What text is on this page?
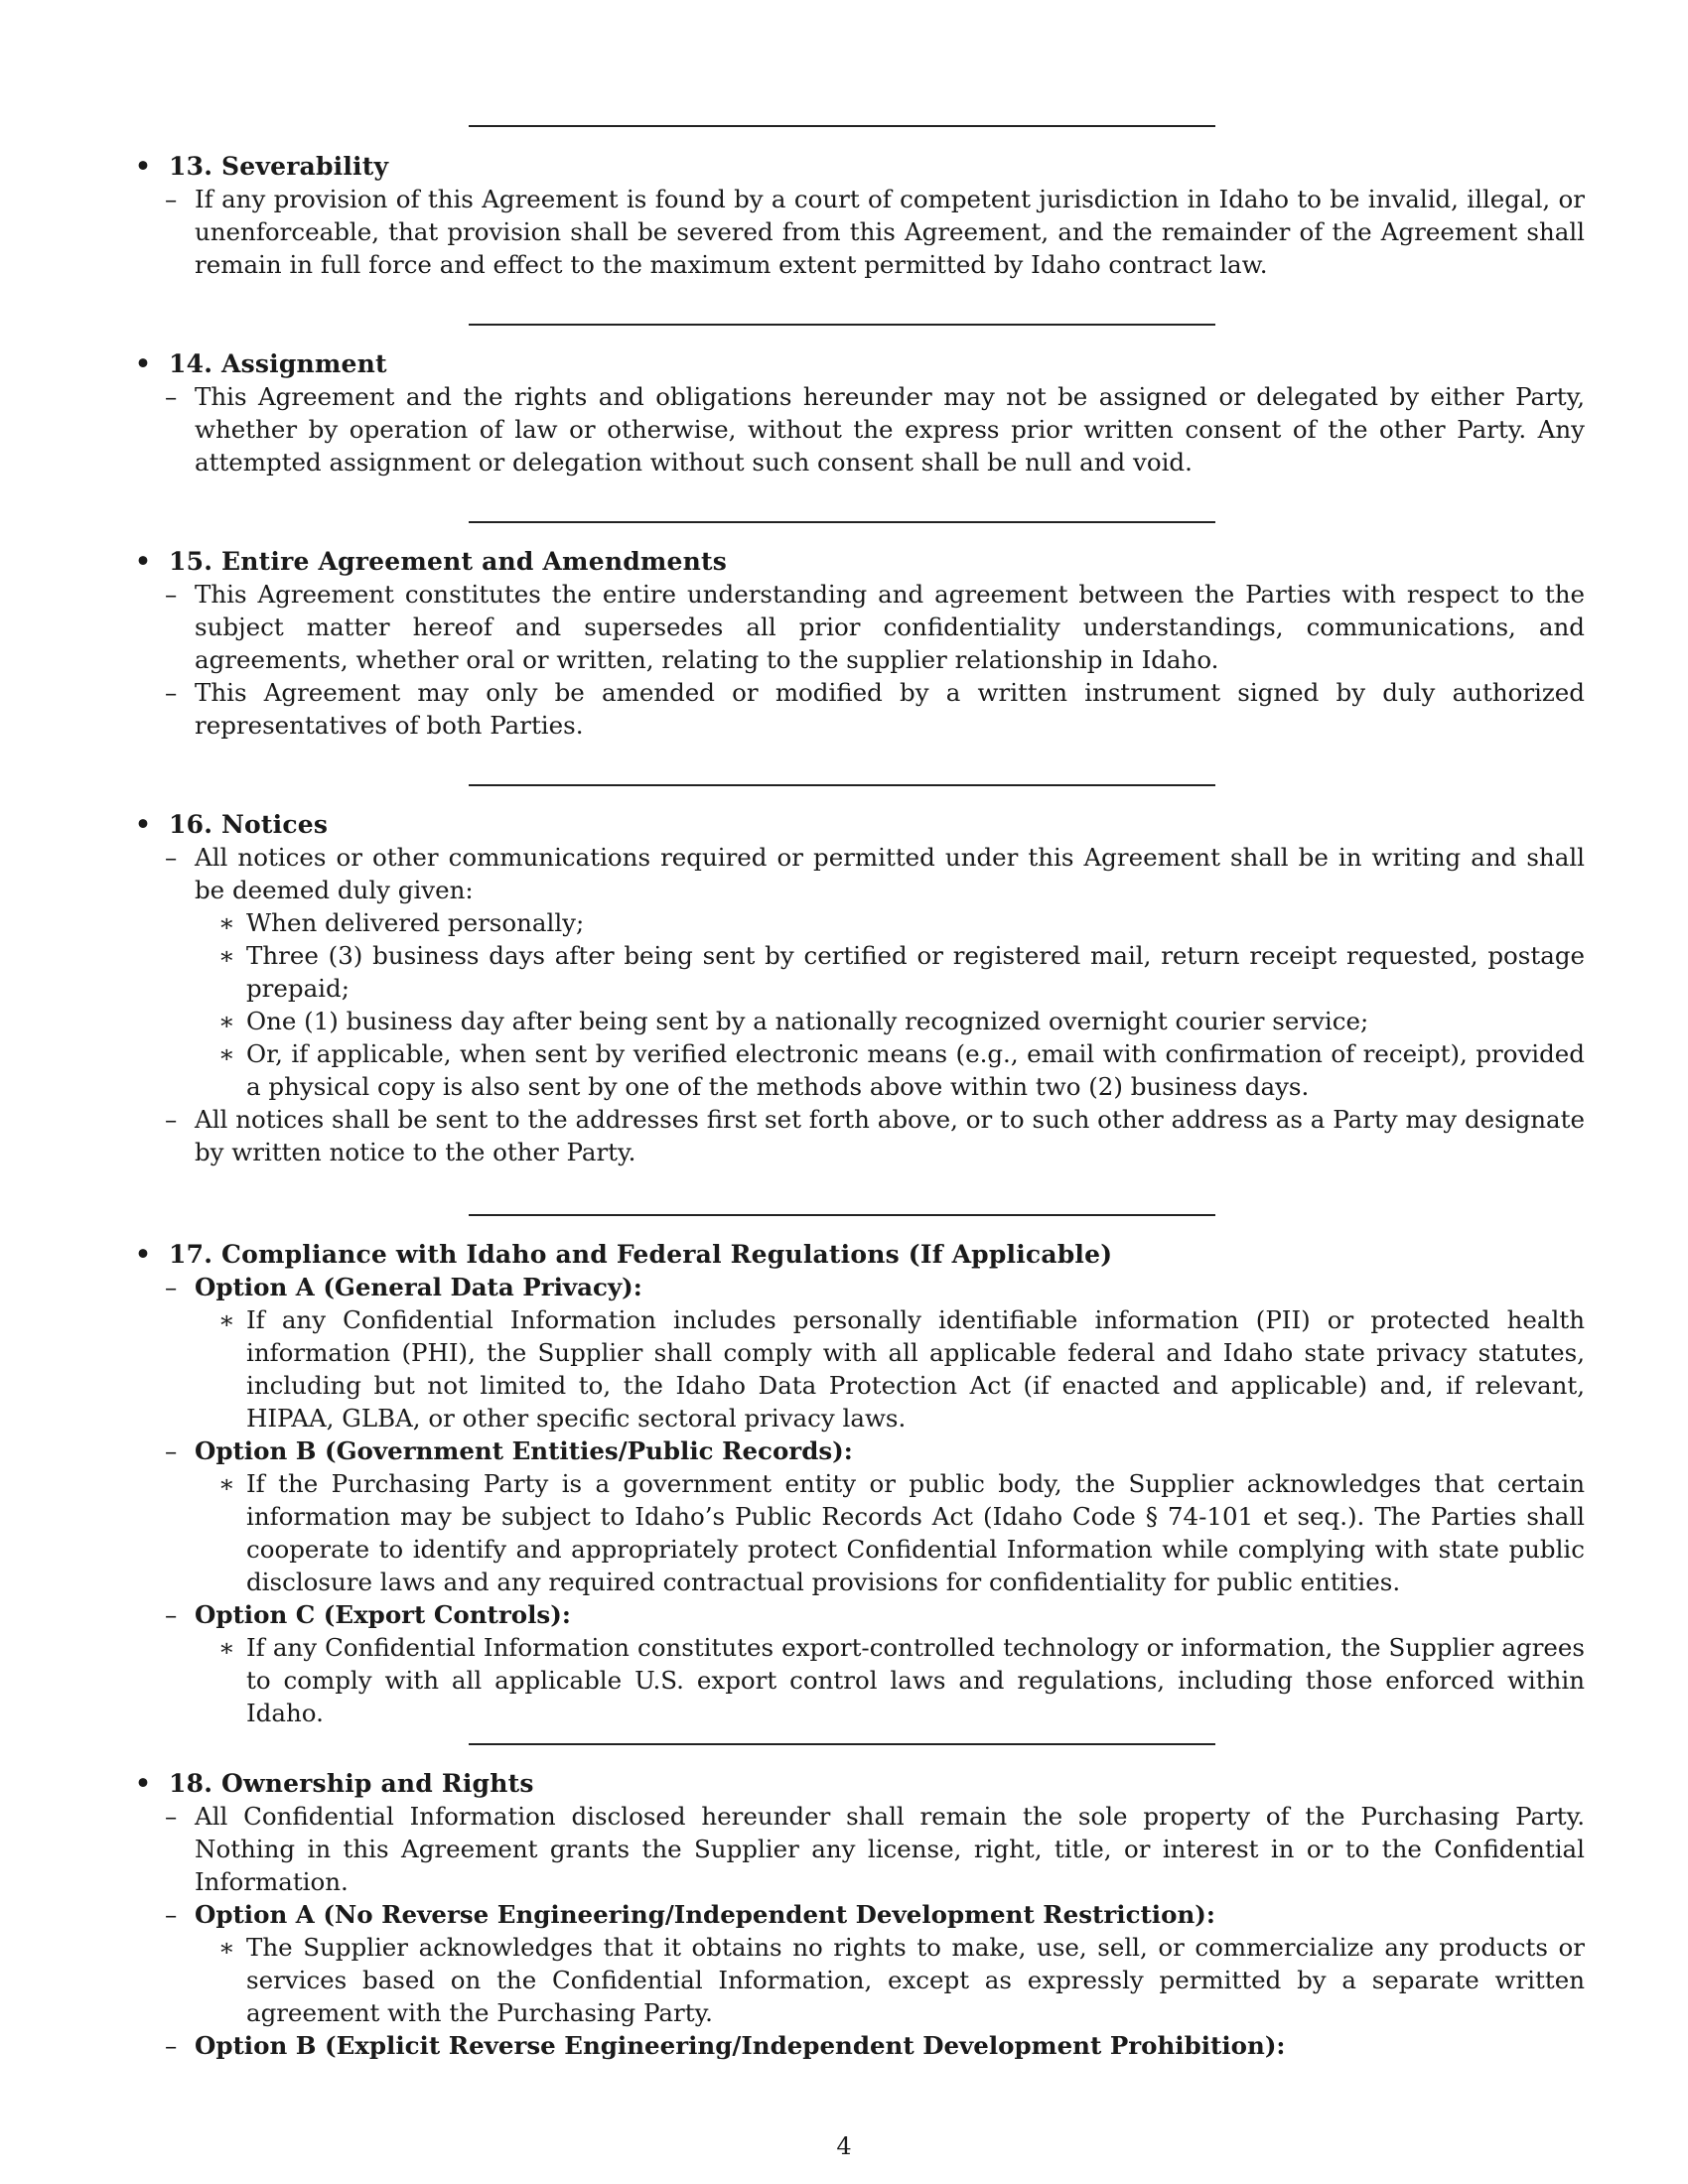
• 13. Severability
– If any provision of this Agreement is found by a court of competent jurisdiction in Idaho to be invalid, illegal, or unenforceable, that provision shall be severed from this Agreement, and the remainder of the Agreement shall remain in full force and effect to the maximum extent permitted by Idaho contract law.
• 14. Assignment
– This Agreement and the rights and obligations hereunder may not be assigned or delegated by either Party, whether by operation of law or otherwise, without the express prior written consent of the other Party. Any attempted assignment or delegation without such consent shall be null and void.
• 15. Entire Agreement and Amendments
– This Agreement constitutes the entire understanding and agreement between the Parties with respect to the subject matter hereof and supersedes all prior confidentiality understandings, communications, and agreements, whether oral or written, relating to the supplier relationship in Idaho.
– This Agreement may only be amended or modified by a written instrument signed by duly authorized representatives of both Parties.
• 16. Notices
– All notices or other communications required or permitted under this Agreement shall be in writing and shall be deemed duly given:
∗ When delivered personally;
∗ Three (3) business days after being sent by certified or registered mail, return receipt requested, postage prepaid;
∗ One (1) business day after being sent by a nationally recognized overnight courier service;
∗ Or, if applicable, when sent by verified electronic means (e.g., email with confirmation of receipt), provided a physical copy is also sent by one of the methods above within two (2) business days.
– All notices shall be sent to the addresses first set forth above, or to such other address as a Party may designate by written notice to the other Party.
• 17. Compliance with Idaho and Federal Regulations (If Applicable)
– Option A (General Data Privacy):
∗ If any Confidential Information includes personally identifiable information (PII) or protected health information (PHI), the Supplier shall comply with all applicable federal and Idaho state privacy statutes, including but not limited to, the Idaho Data Protection Act (if enacted and applicable) and, if relevant, HIPAA, GLBA, or other specific sectoral privacy laws.
– Option B (Government Entities/Public Records):
∗ If the Purchasing Party is a government entity or public body, the Supplier acknowledges that certain information may be subject to Idaho’s Public Records Act (Idaho Code § 74-101 et seq.). The Parties shall cooperate to identify and appropriately protect Confidential Information while complying with state public disclosure laws and any required contractual provisions for confidentiality for public entities.
– Option C (Export Controls):
∗ If any Confidential Information constitutes export-controlled technology or information, the Supplier agrees to comply with all applicable U.S. export control laws and regulations, including those enforced within Idaho.
• 18. Ownership and Rights
– All Confidential Information disclosed hereunder shall remain the sole property of the Purchasing Party. Nothing in this Agreement grants the Supplier any license, right, title, or interest in or to the Confidential Information.
– Option A (No Reverse Engineering/Independent Development Restriction):
∗ The Supplier acknowledges that it obtains no rights to make, use, sell, or commercialize any products or services based on the Confidential Information, except as expressly permitted by a separate written agreement with the Purchasing Party.
– Option B (Explicit Reverse Engineering/Independent Development Prohibition):
4
